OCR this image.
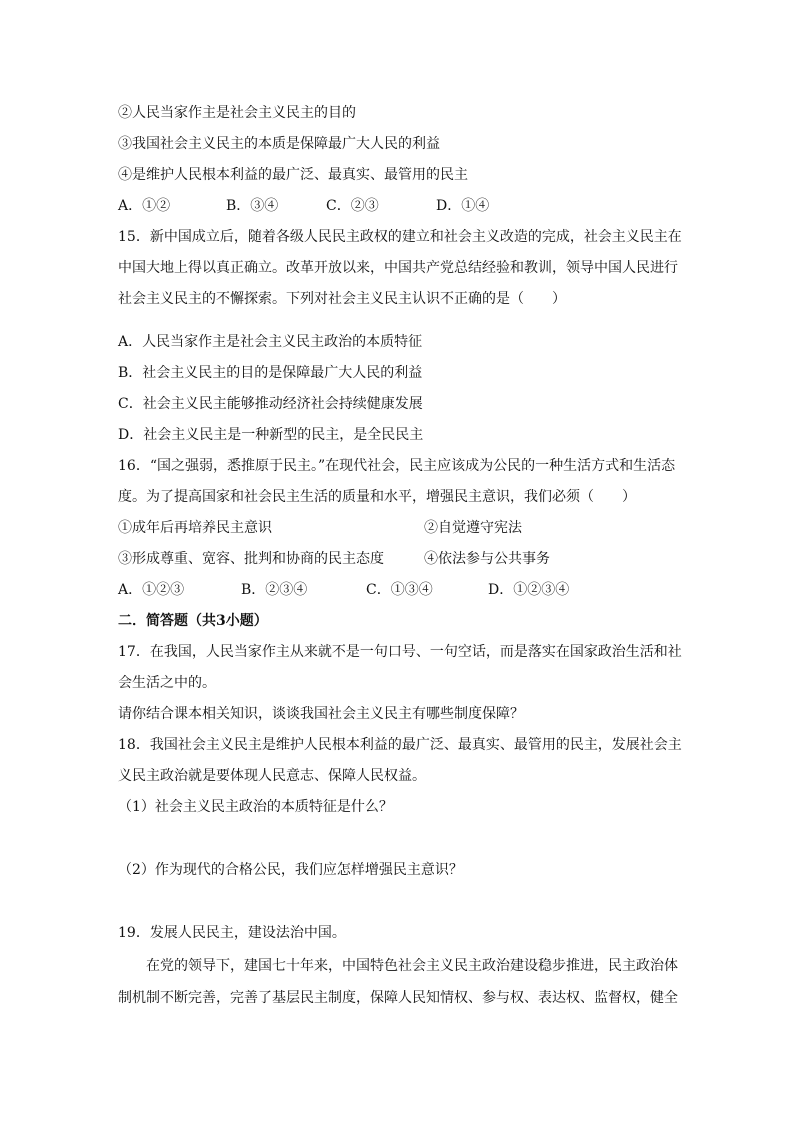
②人民当家作主是社会主义民主的目的
③我国社会主义民主的本质是保障最广大人民的利益
④是维护人民根本利益的最广泛、最真实、最管用的民主
A．①②	B．③④	C．②③	D．①④
15．新中国成立后，随着各级人民民主政权的建立和社会主义改造的完成，社会主义民主在
中国大地上得以真正确立。改革开放以来，中国共产党总结经验和教训，领导中国人民进行
社会主义民主的不懈探索。下列对社会主义民主认识不正确的是（　　）
A．人民当家作主是社会主义民主政治的本质特征
B．社会主义民主的目的是保障最广大人民的利益
C．社会主义民主能够推动经济社会持续健康发展
D．社会主义民主是一种新型的民主，是全民民主
16．“国之强弱，悉推原于民主。”在现代社会，民主应该成为公民的一种生活方式和生活态
度。为了提高国家和社会民主生活的质量和水平，增强民主意识，我们必须（　　）
①成年后再培养民主意识	②自觉遵守宪法
③形成尊重、宽容、批判和协商的民主态度	④依法参与公共事务
A．①②③	B．②③④	C．①③④	D．①②③④
二．简答题（共3小题）
17．在我国，人民当家作主从来就不是一句口号、一句空话，而是落实在国家政治生活和社
会生活之中的。
请你结合课本相关知识，谈谈我国社会主义民主有哪些制度保障？
18．我国社会主义民主是维护人民根本利益的最广泛、最真实、最管用的民主，发展社会主
义民主政治就是要体现人民意志、保障人民权益。
（1）社会主义民主政治的本质特征是什么？
（2）作为现代的合格公民，我们应怎样增强民主意识？
19．发展人民民主，建设法治中国。
在党的领导下，建国七十年来，中国特色社会主义民主政治建设稳步推进，民主政治体
制机制不断完善，完善了基层民主制度，保障人民知情权、参与权、表达权、监督权，健全
